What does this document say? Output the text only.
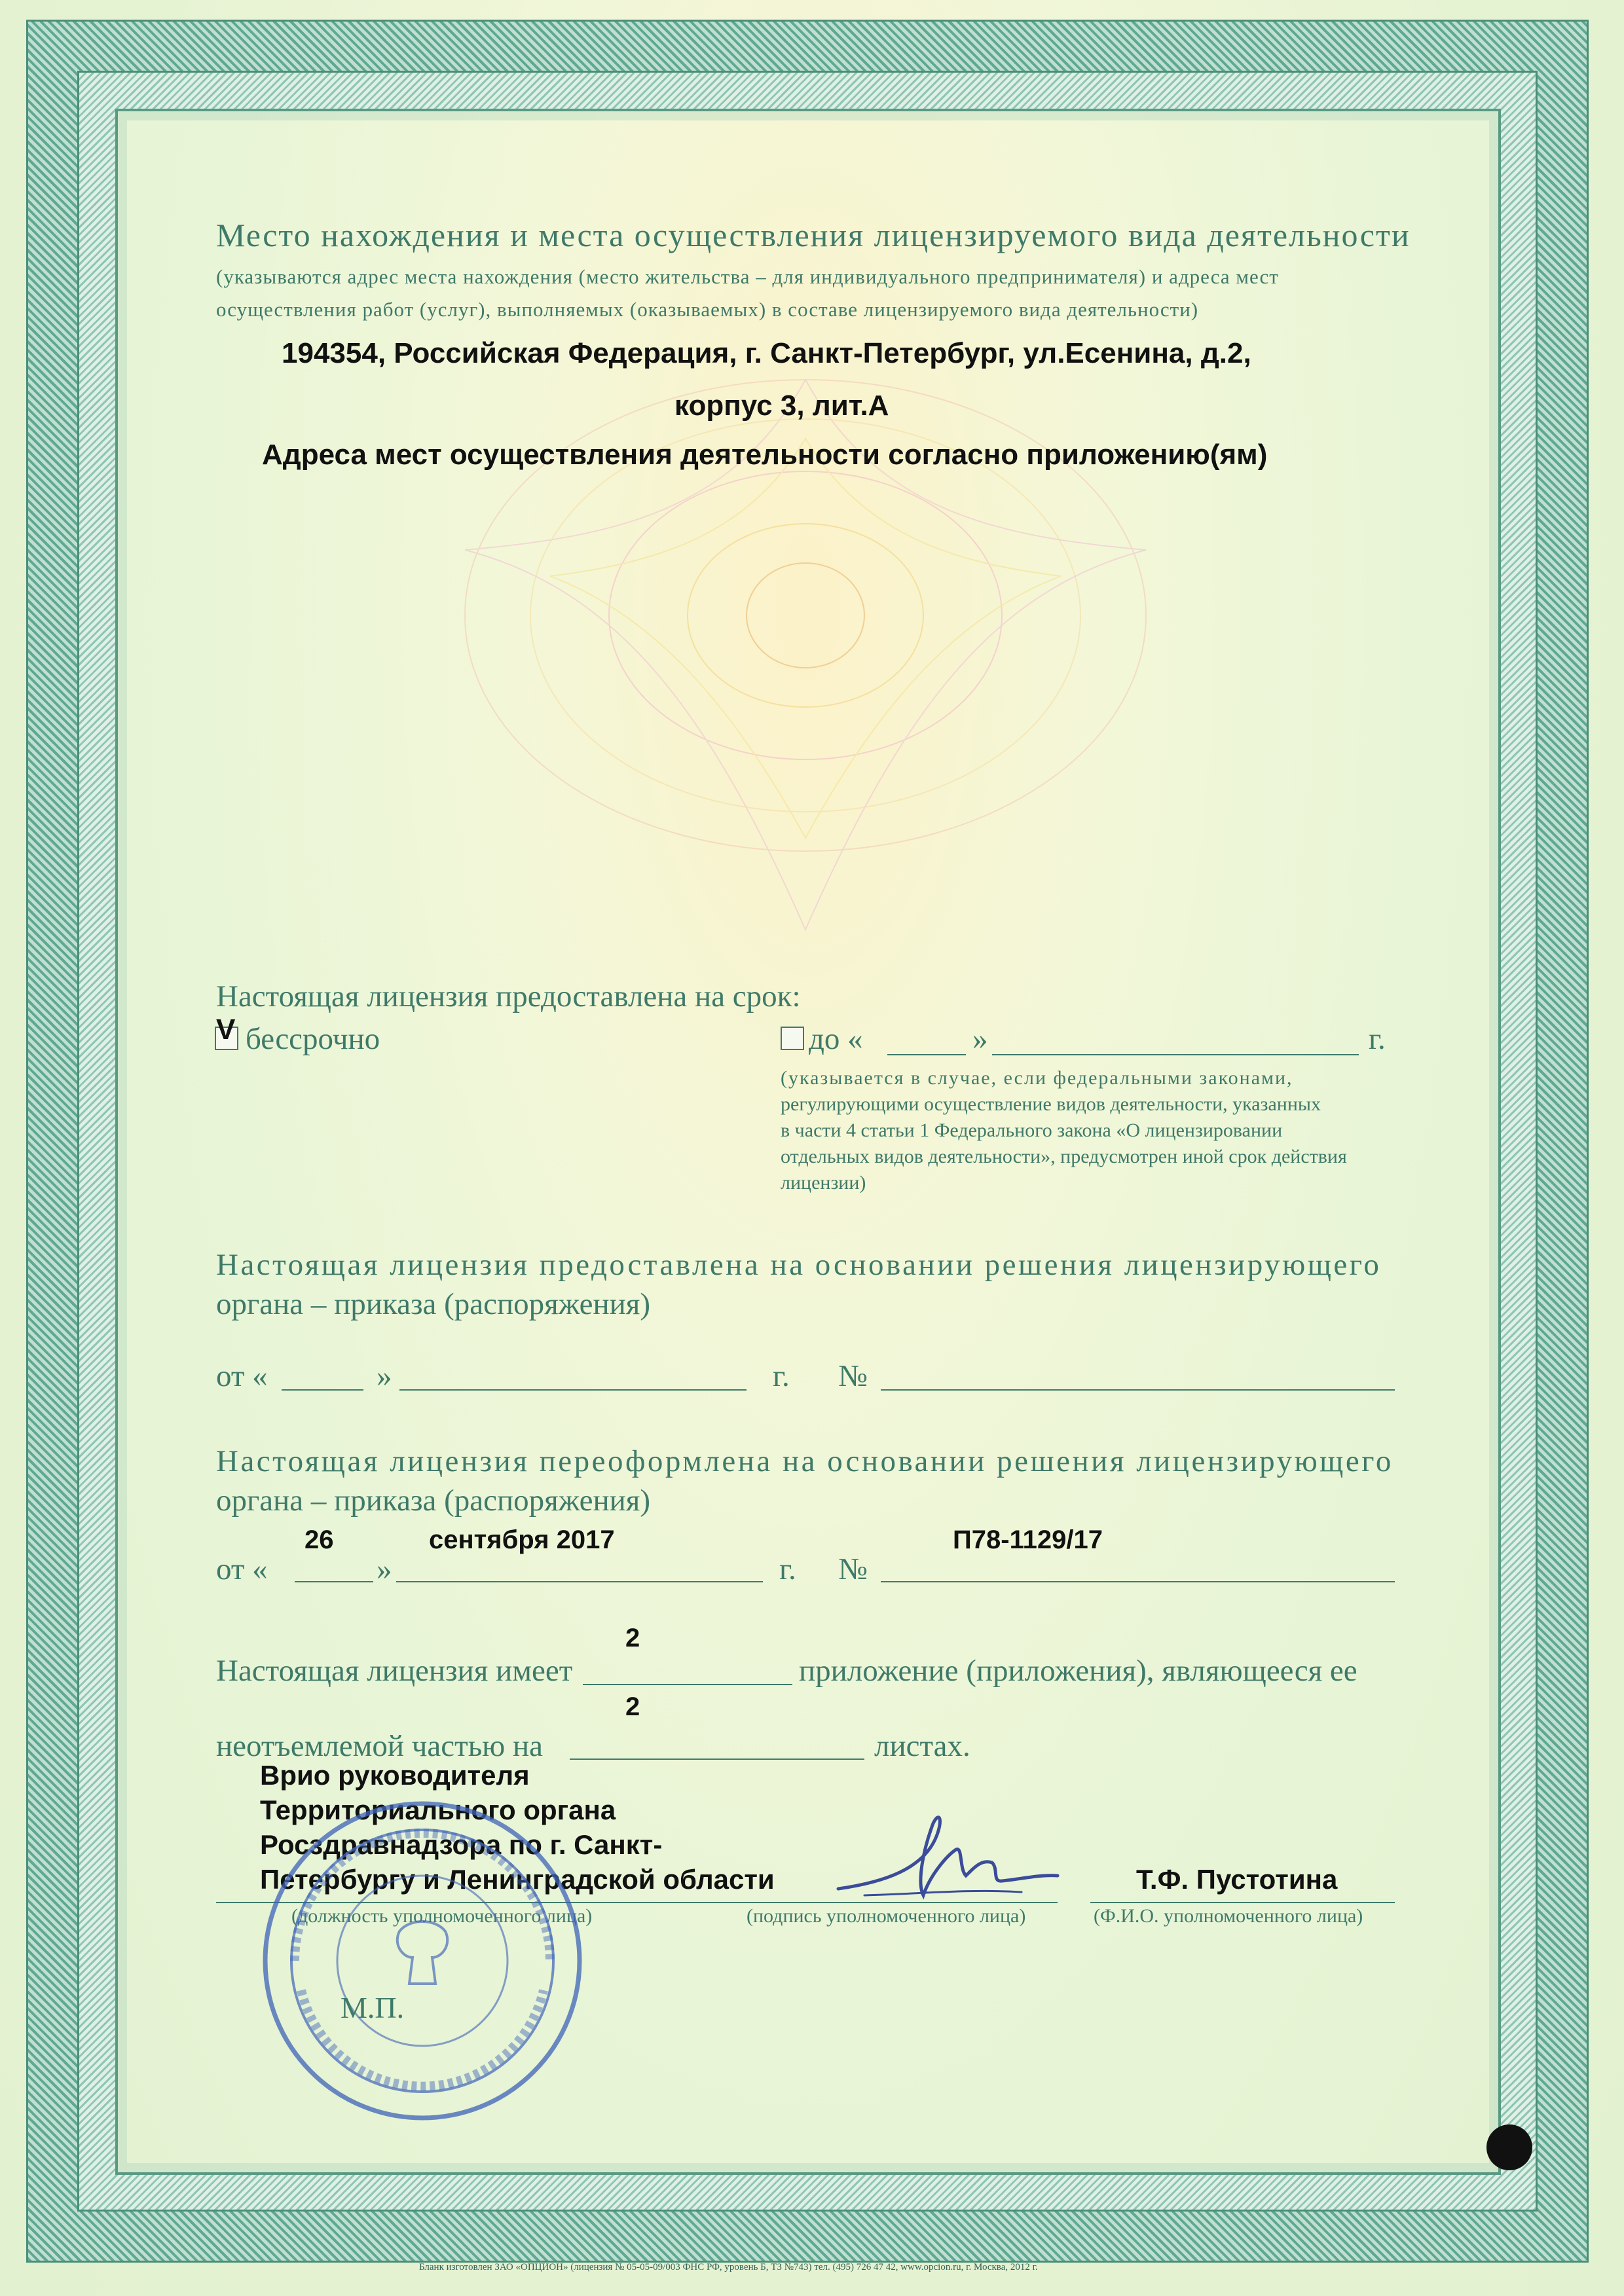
Место нахождения и места осуществления лицензируемого вида деятельности
(указываются адрес места нахождения (место жительства – для индивидуального предпринимателя) и адреса мест
осуществления работ (услуг), выполняемых (оказываемых) в составе лицензируемого вида деятельности)
194354, Российская Федерация, г. Санкт-Петербург, ул.Есенина, д.2,
корпус 3, лит.А
Адреса мест осуществления деятельности согласно приложению(ям)
Настоящая лицензия предоставлена на срок:
V бессрочно	до «	»	г.
(указывается в случае, если федеральными законами,
регулирующими осуществление видов деятельности, указанных
в части 4 статьи 1 Федерального закона «О лицензировании
отдельных видов деятельности», предусмотрен иной срок действия
лицензии)
Настоящая лицензия предоставлена на основании решения лицензирующего
органа – приказа (распоряжения)
от «	»	г. №
Настоящая лицензия переоформлена на основании решения лицензирующего
органа – приказа (распоряжения)
26	сентября 2017	П78-1129/17
от «	»	г. №
2
Настоящая лицензия имеет	приложение (приложения), являющееся ее
2
неотъемлемой частью на	листах.
Врио руководителя
Территориального органа
Росздравнадзора по г. Санкт-
Петербургу и Ленинградской области	Т.Ф. Пустотина
(должность уполномоченного лица)	(подпись уполномоченного лица)	(Ф.И.О. уполномоченного лица)
М.П.
Бланк изготовлен ЗАО «ОПЦИОН» (лицензия № 05-05-09/003 ФНС РФ, уровень Б, ТЗ №743) тел. (495) 726 47 42, www.opcion.ru, г. Москва, 2012 г.
